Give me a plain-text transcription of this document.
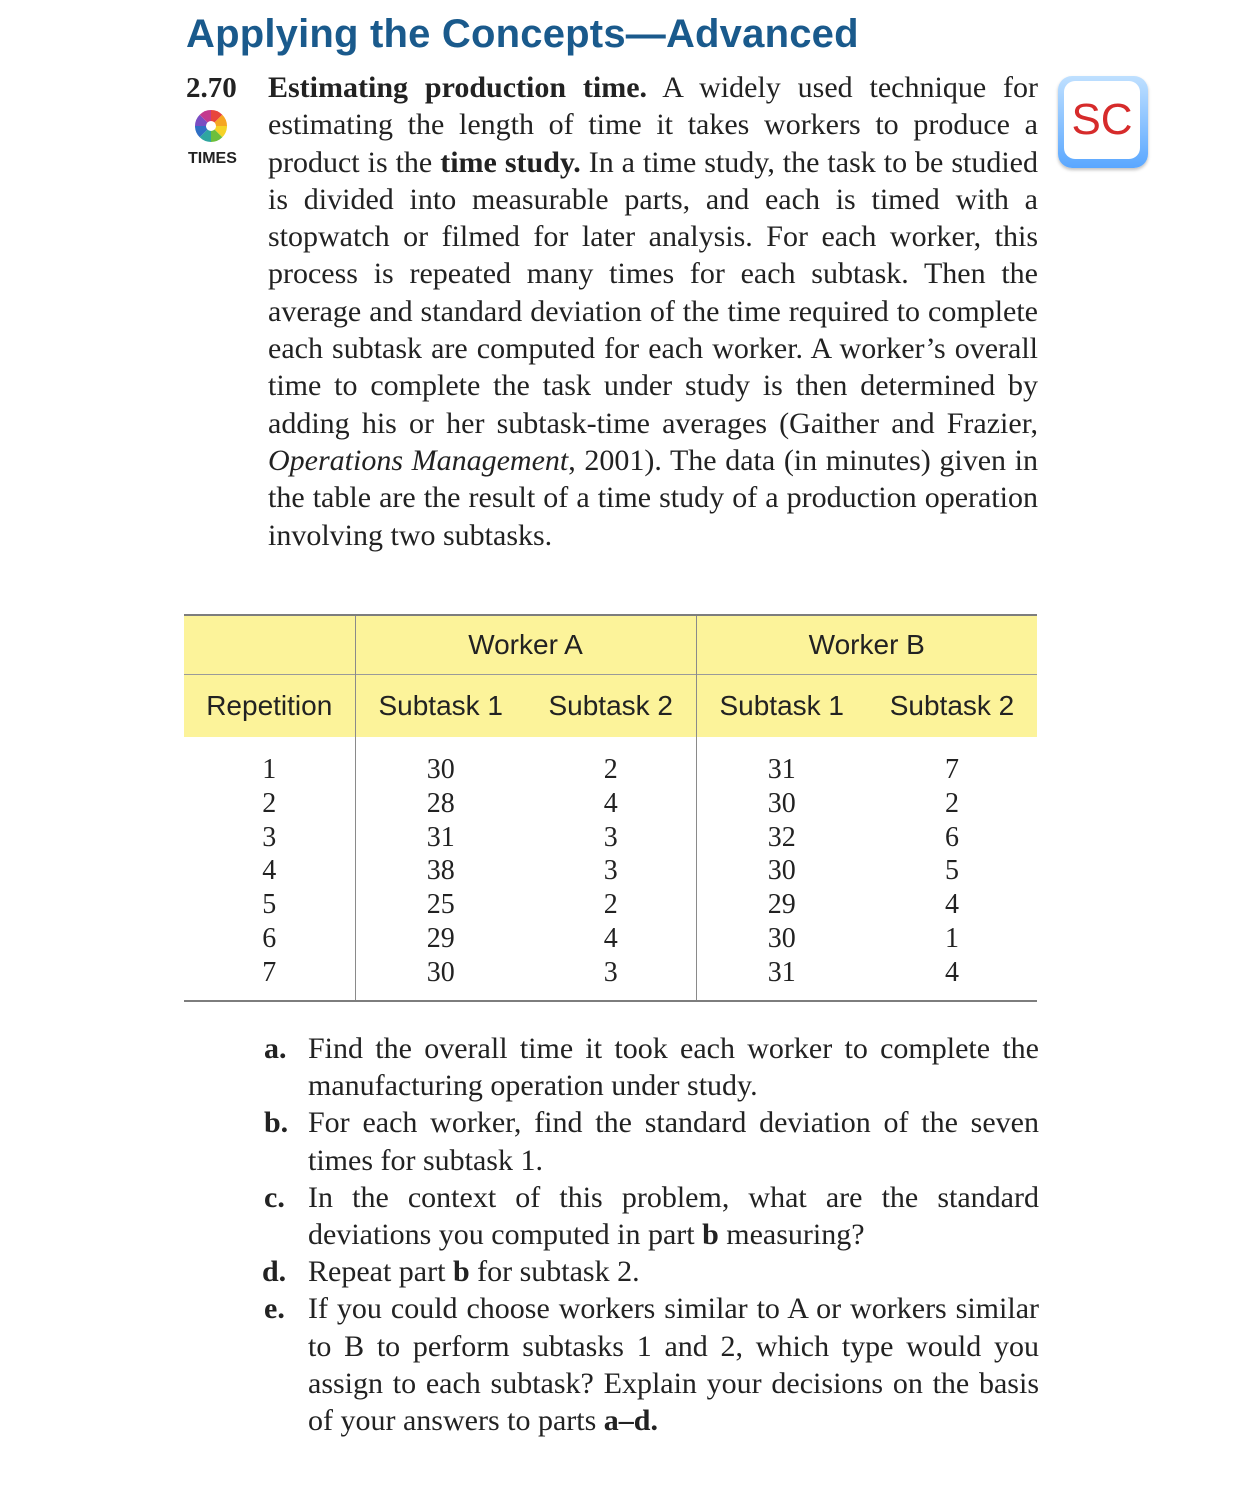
Applying the Concepts—Advanced
2.70
TIMES
SC

Estimating production time. A widely used technique for estimating the length of time it takes workers to produce a product is the time study. In a time study, the task to be studied is divided into measurable parts, and each is timed with a stopwatch or filmed for later analysis. For each worker, this process is repeated many times for each subtask. Then the average and standard deviation of the time required to complete each subtask are computed for each worker. A worker’s overall time to complete the task under study is then determined by adding his or her subtask-time averages (Gaither and Frazier, Operations Management, 2001). The data (in minutes) given in the table are the result of a time study of a production operation involving two subtasks.

	Worker A		Worker B	
Repetition	Subtask 1	Subtask 2	Subtask 1	Subtask 2
1	30	2	31	7
2	28	4	30	2
3	31	3	32	6
4	38	3	30	5
5	25	2	29	4
6	29	4	30	1
7	30	3	31	4
a. Find the overall time it took each worker to complete the manufacturing operation under study.
b. For each worker, find the standard deviation of the seven times for subtask 1.
c. In the context of this problem, what are the standard deviations you computed in part b measuring?
d. Repeat part b for subtask 2.
e. If you could choose workers similar to A or workers similar to B to perform subtasks 1 and 2, which type would you assign to each subtask? Explain your decisions on the basis of your answers to parts a–d.
